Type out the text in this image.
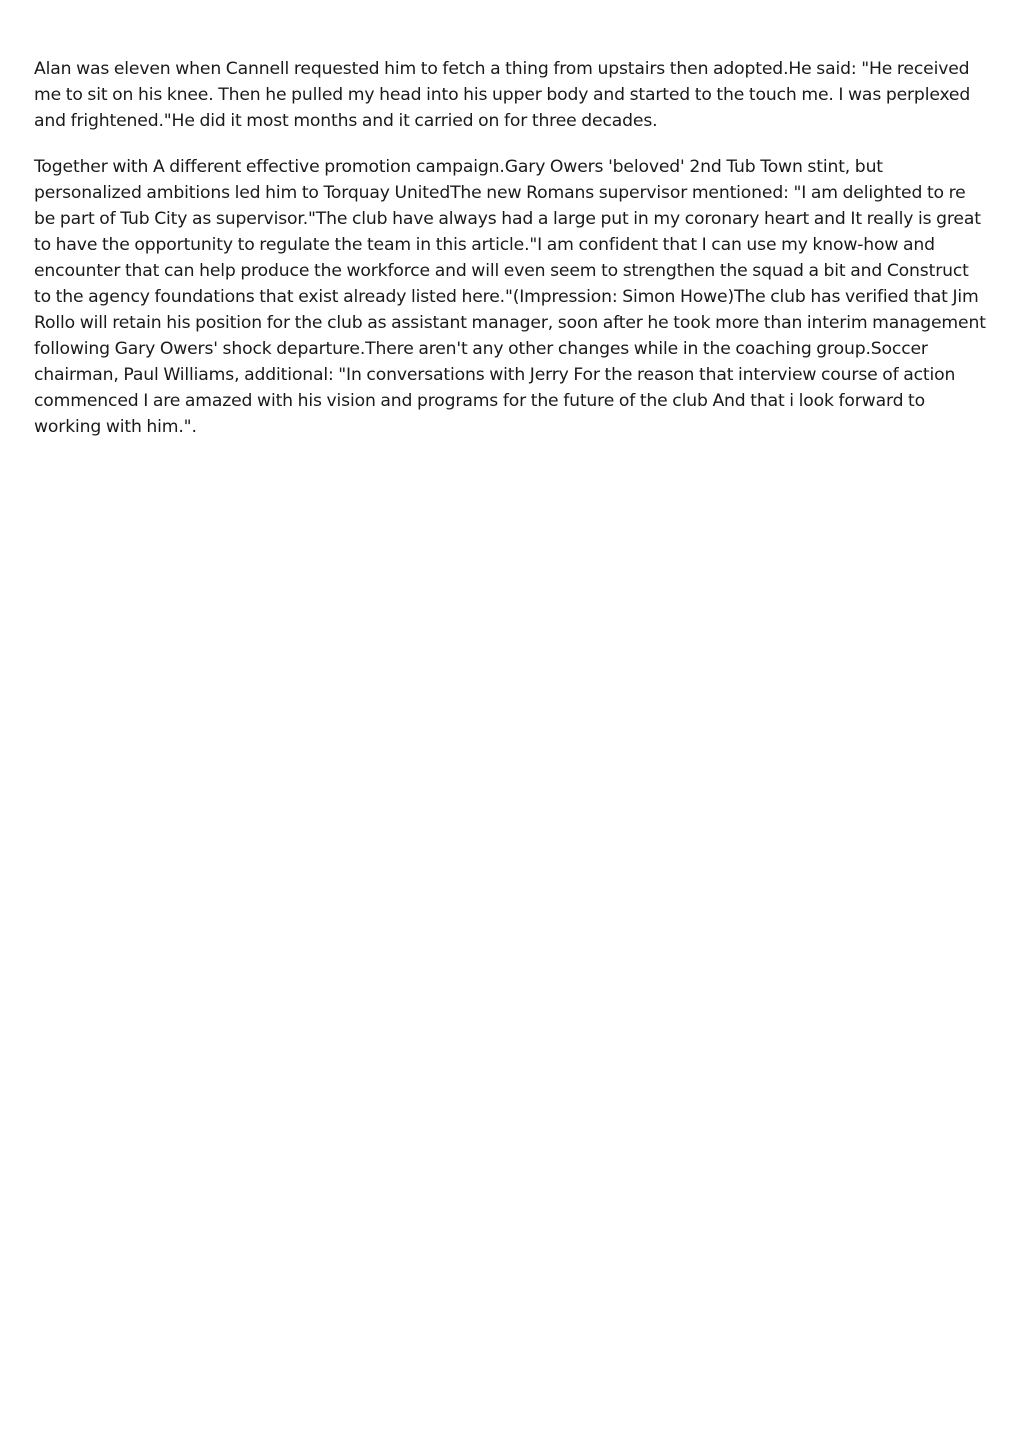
Alan was eleven when Cannell requested him to fetch a thing from upstairs then adopted.He said: "He received me to sit on his knee. Then he pulled my head into his upper body and started to the touch me. I was perplexed and frightened."He did it most months and it carried on for three decades.

Together with A different effective promotion campaign.Gary Owers 'beloved' 2nd Tub Town stint, but personalized ambitions led him to Torquay UnitedThe new Romans supervisor mentioned: "I am delighted to re be part of Tub City as supervisor."The club have always had a large put in my coronary heart and It really is great to have the opportunity to regulate the team in this article."I am confident that I can use my know-how and encounter that can help produce the workforce and will even seem to strengthen the squad a bit and Construct to the agency foundations that exist already listed here."(Impression: Simon Howe)The club has verified that Jim Rollo will retain his position for the club as assistant manager, soon after he took more than interim management following Gary Owers' shock departure.There aren't any other changes while in the coaching group.Soccer chairman, Paul Williams, additional: "In conversations with Jerry For the reason that interview course of action commenced I are amazed with his vision and programs for the future of the club And that i look forward to working with him.".
